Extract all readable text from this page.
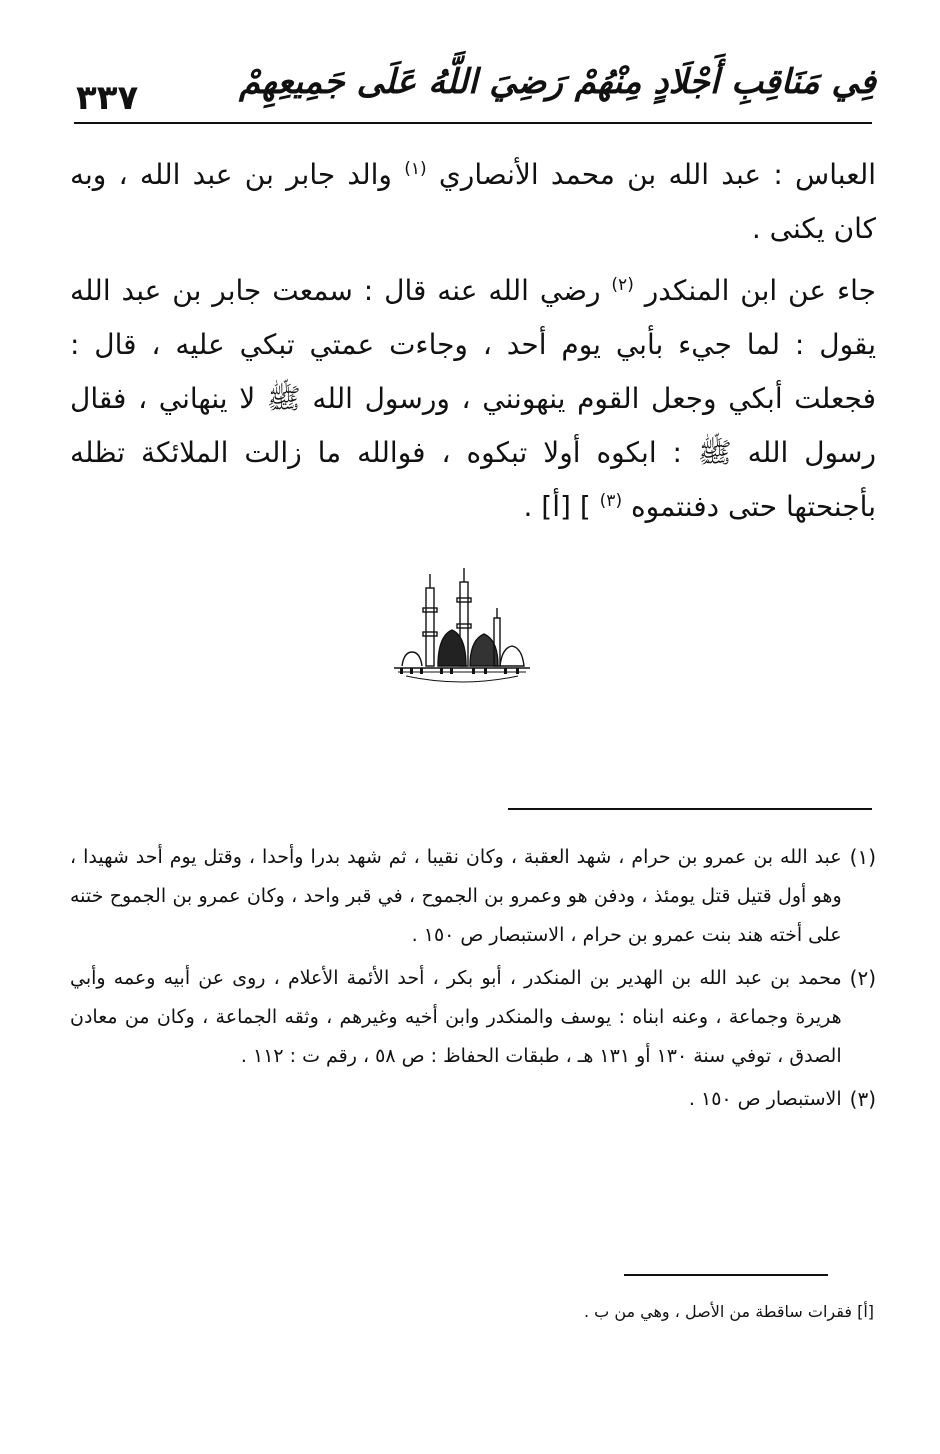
٣٣٧	فِي مَنَاقِبِ أَجْلَادٍ مِنْهُمْ رَضِيَ اللَّهُ عَلَى جَمِيعِهِمْ

العباس : عبد الله بن محمد الأنصاري $^{(١)}$ والد جابر بن عبد الله ، وبه كان يكنى .

جاء عن ابن المنكدر $^{(٢)}$ رضي الله عنه قال : سمعت جابر بن عبد الله يقول : لما جيء بأبي يوم أحد ، وجاءت عمتي تبكي عليه ، قال : فجعلت أبكي وجعل القوم ينهونني ، ورسول الله ﷺ لا ينهاني ، فقال رسول الله ﷺ : ابكوه أولا تبكوه ، فوالله ما زالت الملائكة تظله بأجنحتها حتى دفنتموه $^{(٣)}$ ] [أ] .

(١)
عبد الله بن عمرو بن حرام ، شهد العقبة ، وكان نقيبا ، ثم شهد بدرا وأحدا ، وقتل يوم أحد شهيدا ، وهو أول قتيل قتل يومئذ ، ودفن هو وعمرو بن الجموح ، في قبر واحد ، وكان عمرو بن الجموح ختنه على أخته هند بنت عمرو بن حرام ، الاستبصار ص ١٥٠ .
(٢)
محمد بن عبد الله بن الهدير بن المنكدر ، أبو بكر ، أحد الأئمة الأعلام ، روى عن أبيه وعمه وأبي هريرة وجماعة ، وعنه ابناه : يوسف والمنكدر وابن أخيه وغيرهم ، وثقه الجماعة ، وكان من معادن الصدق ، توفي سنة ١٣٠ أو ١٣١ هـ ، طبقات الحفاظ : ص ٥٨ ، رقم ت : ١١٢ .
(٣)
الاستبصار ص ١٥٠ .
[أ] فقرات ساقطة من الأصل ، وهي من ب .
